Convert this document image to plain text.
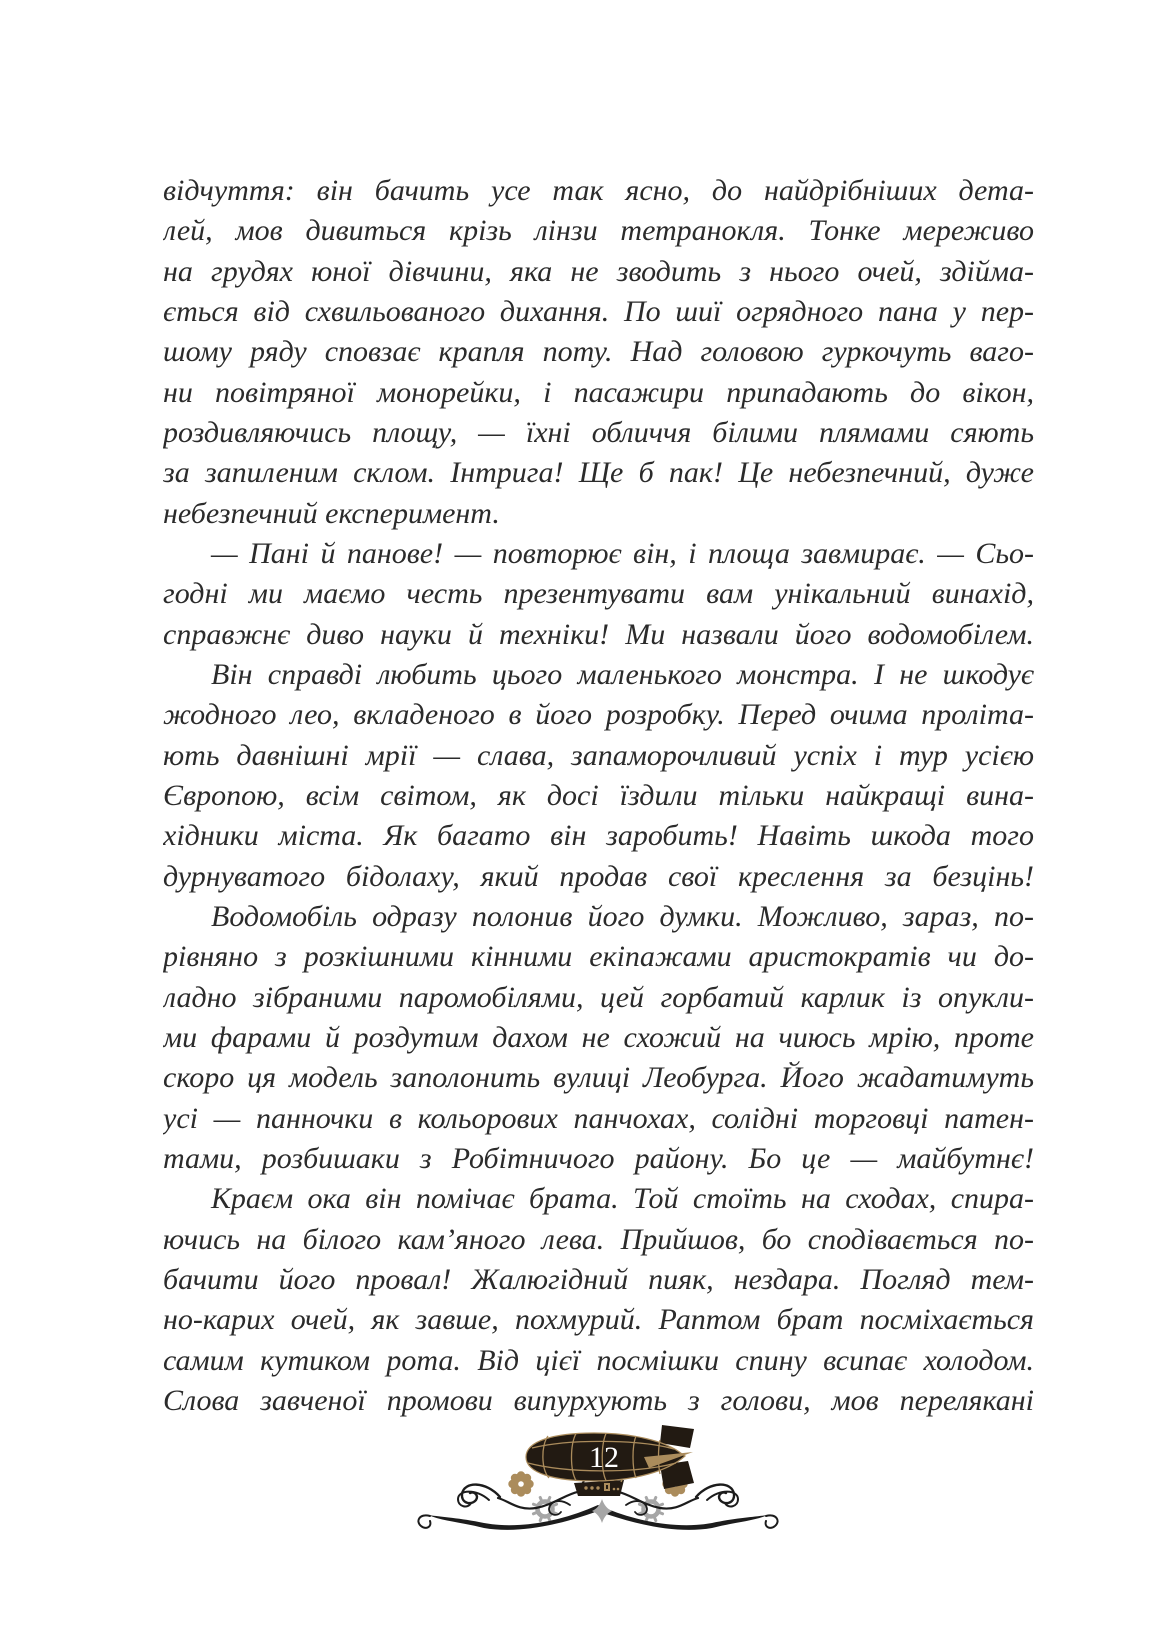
відчуття: він бачить усе так ясно, до найдрібніших дета-
лей, мов дивиться крізь лінзи тетранокля. Тонке мереживо
на грудях юної дівчини, яка не зводить з нього очей, здійма-
ється від схвильованого дихання. По шиї огрядного пана у пер-
шому ряду сповзає крапля поту. Над головою гуркочуть ваго-
ни повітряної монорейки, і пасажири припадають до вікон,
роздивляючись площу, — їхні обличчя білими плямами сяють
за запиленим склом. Інтрига! Ще б пак! Це небезпечний, дуже
небезпечний експеримент.
— Пані й панове! — повторює він, і площа завмирає. — Сьо-
годні ми маємо честь презентувати вам унікальний винахід,
справжнє диво науки й техніки! Ми назвали його водомобілем.
Він справді любить цього маленького монстра. І не шкодує
жодного лео, вкладеного в його розробку. Перед очима проліта-
ють давнішні мрії — слава, запаморочливий успіх і тур усією
Європою, всім світом, як досі їздили тільки найкращі вина-
хідники міста. Як багато він заробить! Навіть шкода того
дурнуватого бідолаху, який продав свої креслення за безцінь!
Водомобіль одразу полонив його думки. Можливо, зараз, по-
рівняно з розкішними кінними екіпажами аристократів чи до-
ладно зібраними паромобілями, цей горбатий карлик із опукли-
ми фарами й роздутим дахом не схожий на чиюсь мрію, проте
скоро ця модель заполонить вулиці Леобурга. Його жадатимуть
усі — панночки в кольорових панчохах, солідні торговці патен-
тами, розбишаки з Робітничого району. Бо це — майбутнє!
Краєм ока він помічає брата. Той стоїть на сходах, спира-
ючись на білого кам’яного лева. Прийшов, бо сподівається по-
бачити його провал! Жалюгідний пияк, нездара. Погляд тем-
но-карих очей, як завше, похмурий. Раптом брат посміхається
самим кутиком рота. Від цієї посмішки спину всипає холодом.
Слова завченої промови випурхують з голови, мов перелякані
12
